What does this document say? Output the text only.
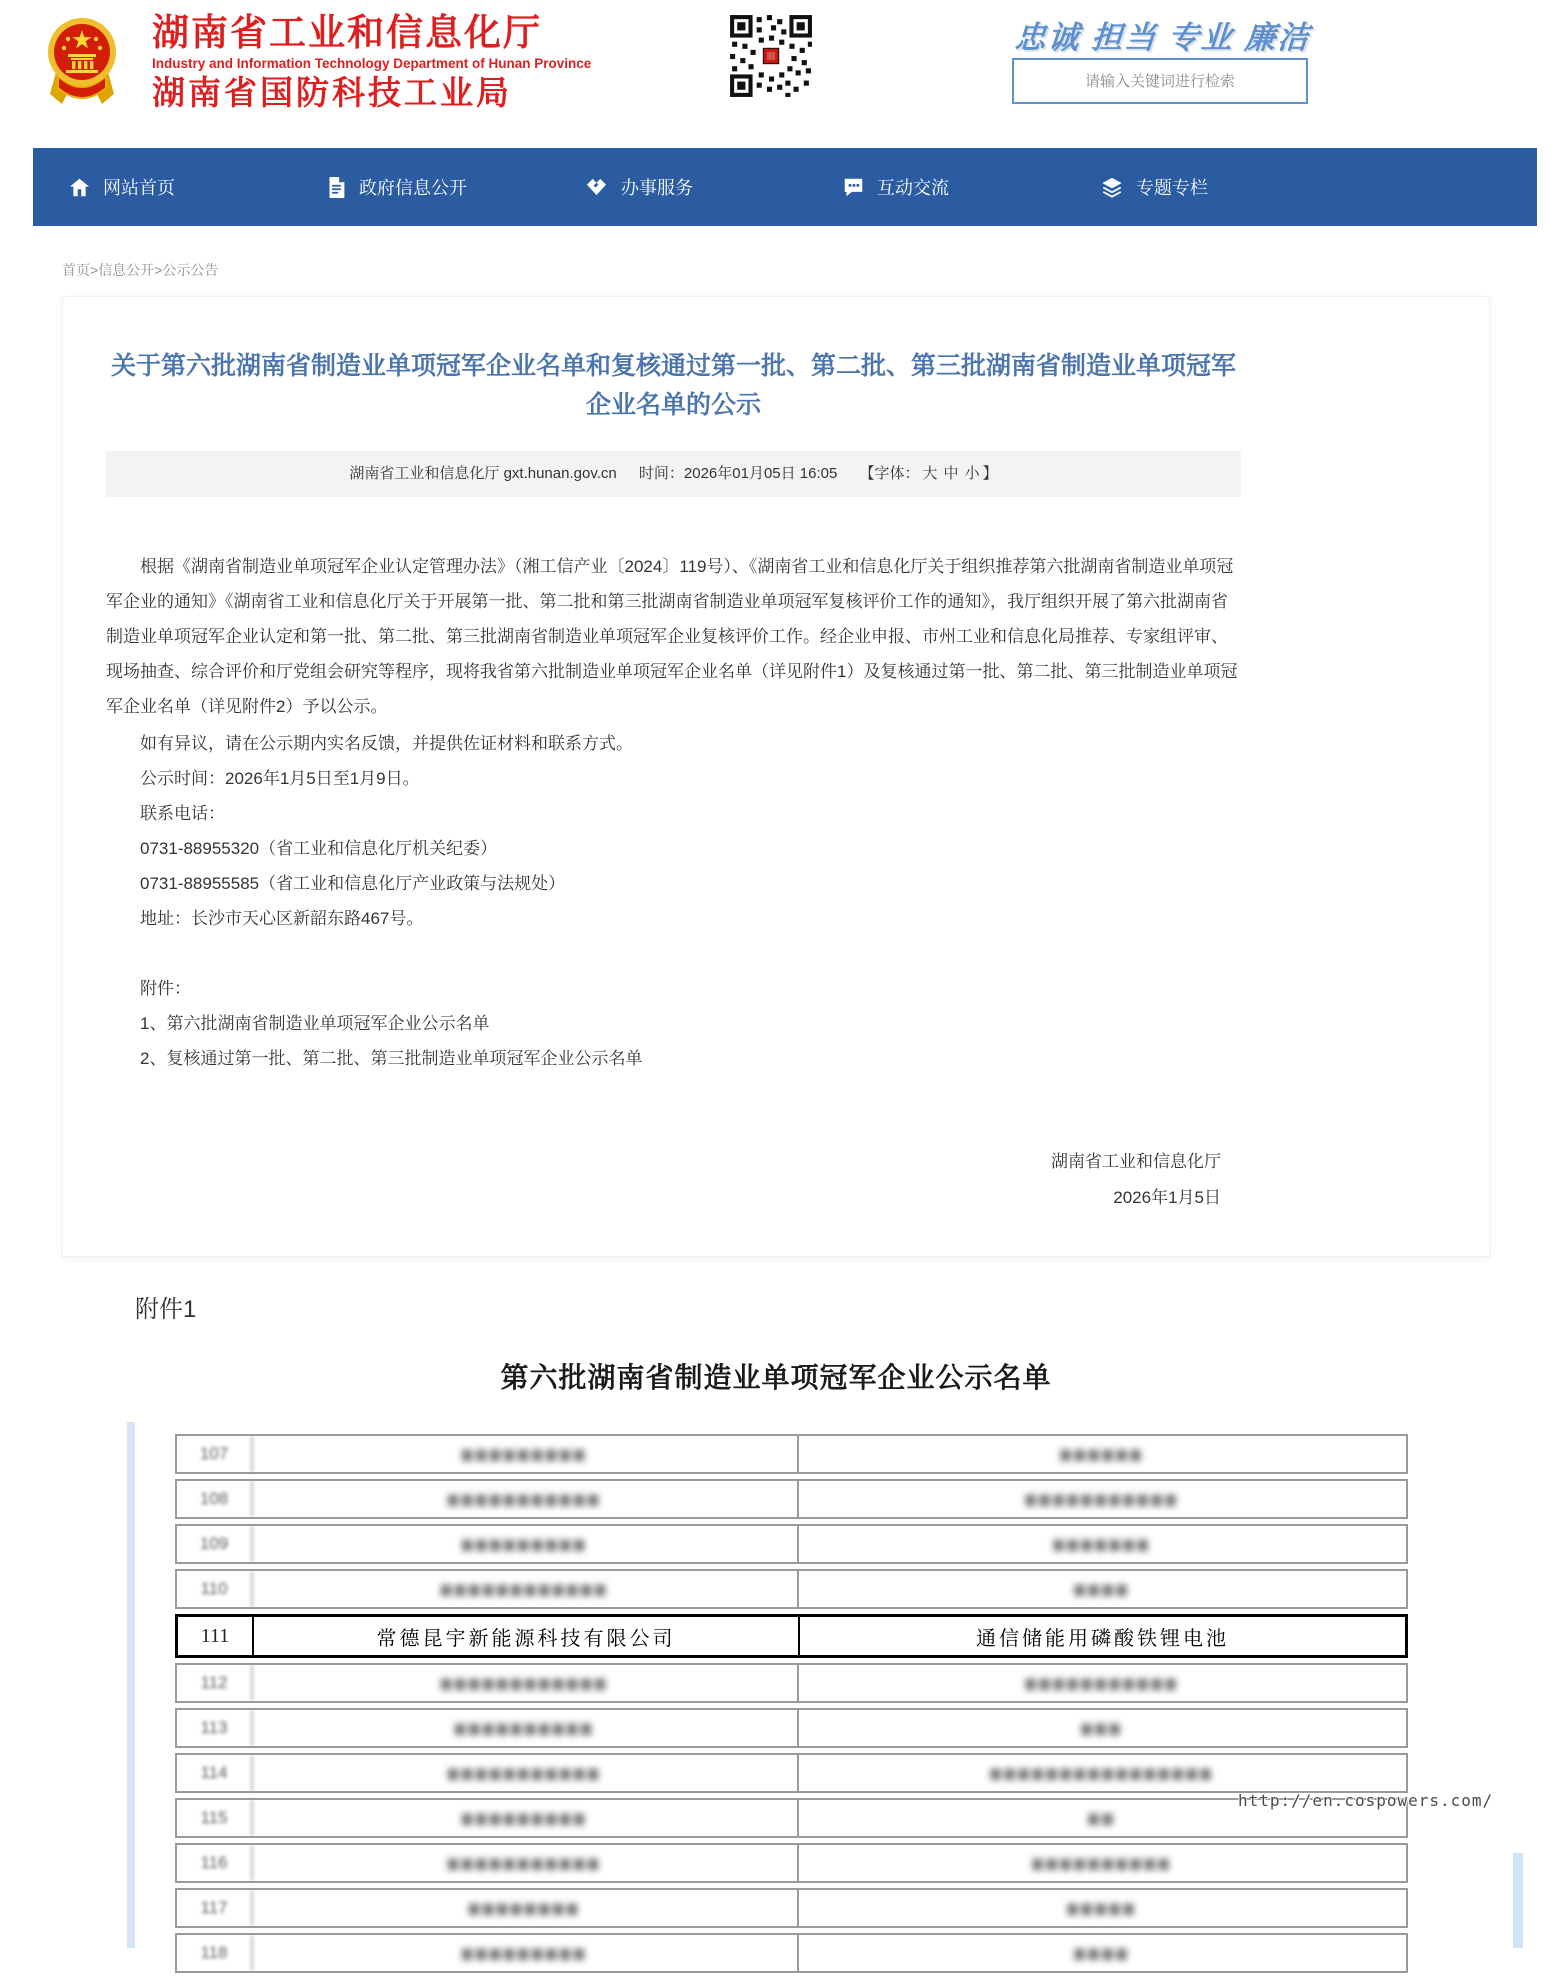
湖南省工业和信息化厅
Industry and Information Technology Department of Hunan Province
湖南省国防科技工业局
忠诚 担当 专业 廉洁
请输入关键词进行检索
网站首页	政府信息公开	办事服务	互动交流	专题专栏
首页>信息公开>公示公告
关于第六批湖南省制造业单项冠军企业名单和复核通过第一批、第二批、第三批湖南省制造业单项冠军企业名单的公示
湖南省工业和信息化厅 gxt.hunan.gov.cn 时间：2026年01月05日 16:05 【字体： 大 中 小 】

根据《湖南省制造业单项冠军企业认定管理办法》（湘工信产业〔2024〕119号）、《湖南省工业和信息化厅关于组织推荐第六批湖南省制造业单项冠军企业的通知》《湖南省工业和信息化厅关于开展第一批、第二批和第三批湖南省制造业单项冠军复核评价工作的通知》，我厅组织开展了第六批湖南省制造业单项冠军企业认定和第一批、第二批、第三批湖南省制造业单项冠军企业复核评价工作。经企业申报、市州工业和信息化局推荐、专家组评审、现场抽查、综合评价和厅党组会研究等程序，现将我省第六批制造业单项冠军企业名单（详见附件1）及复核通过第一批、第二批、第三批制造业单项冠军企业名单（详见附件2）予以公示。

如有异议，请在公示期内实名反馈，并提供佐证材料和联系方式。

公示时间：2026年1月5日至1月9日。

联系电话：

0731-88955320（省工业和信息化厅机关纪委）

0731-88955585（省工业和信息化厅产业政策与法规处）

地址：长沙市天心区新韶东路467号。

附件：

1、第六批湖南省制造业单项冠军企业公示名单

2、复核通过第一批、第二批、第三批制造业单项冠军企业公示名单

湖南省工业和信息化厅
2026年1月5日
附件1
第六批湖南省制造业单项冠军企业公示名单
107	▆▆▆▆▆▆▆▆▆	▆▆▆▆▆▆
108	▆▆▆▆▆▆▆▆▆▆▆	▆▆▆▆▆▆▆▆▆▆▆
109	▆▆▆▆▆▆▆▆▆	▆▆▆▆▆▆▆
110	▆▆▆▆▆▆▆▆▆▆▆▆	▆▆▆▆
111	常德昆宇新能源科技有限公司	通信储能用磷酸铁锂电池
112	▆▆▆▆▆▆▆▆▆▆▆▆	▆▆▆▆▆▆▆▆▆▆▆
113	▆▆▆▆▆▆▆▆▆▆	▆▆▆
114	▆▆▆▆▆▆▆▆▆▆▆	▆▆▆▆▆▆▆▆▆▆▆▆▆▆▆▆
115	▆▆▆▆▆▆▆▆▆	▆▆
116	▆▆▆▆▆▆▆▆▆▆▆	▆▆▆▆▆▆▆▆▆▆
117	▆▆▆▆▆▆▆▆	▆▆▆▆▆
118	▆▆▆▆▆▆▆▆▆	▆▆▆▆
http://en.cospowers.com/
